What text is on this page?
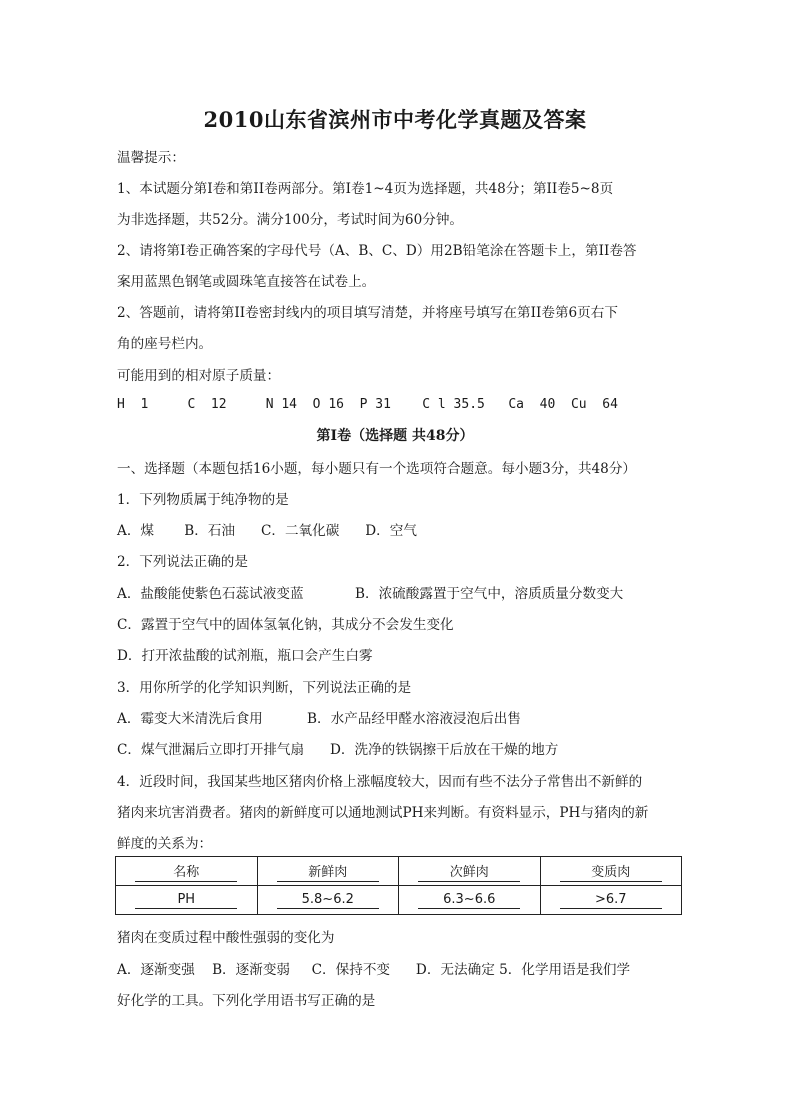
2010山东省滨州市中考化学真题及答案
温馨提示：
1、本试题分第I卷和第II卷两部分。第I卷1~4页为选择题，共48分；第II卷5~8页
为非选择题，共52分。满分100分，考试时间为60分钟。
2、请将第I卷正确答案的字母代号（A、B、C、D）用2B铅笔涂在答题卡上，第II卷答
案用蓝黑色钢笔或圆珠笔直接答在试卷上。
2、答题前，请将第II卷密封线内的项目填写清楚，并将座号填写在第II卷第6页右下
角的座号栏内。
可能用到的相对原子质量：
H  1     C  12     N 14  O 16  P 31    C l 35.5   Ca  40  Cu  64
第I卷（选择题 共48分）
一、选择题（本题包括16小题，每小题只有一个选项符合题意。每小题3分，共48分）
1．下列物质属于纯净物的是
A．煤       B．石油      C．二氧化碳      D．空气
2．下列说法正确的是
A．盐酸能使紫色石蕊试液变蓝	B．浓硫酸露置于空气中，溶质质量分数变大
C．露置于空气中的固体氢氧化钠，其成分不会发生变化
D．打开浓盐酸的试剂瓶，瓶口会产生白雾
3．用你所学的化学知识判断，下列说法正确的是
A．霉变大米清洗后食用	B．水产品经甲醛水溶液浸泡后出售
C．煤气泄漏后立即打开排气扇 D．洗净的铁锅擦干后放在干燥的地方
4．近段时间，我国某些地区猪肉价格上涨幅度较大，因而有些不法分子常售出不新鲜的
猪肉来坑害消费者。猪肉的新鲜度可以通地测试PH来判断。有资料显示，PH与猪肉的新
鲜度的关系为：
名称	新鲜肉	次鲜肉	变质肉
PH	5.8~6.2	6.3~6.6	>6.7
猪肉在变质过程中酸性强弱的变化为
A．逐渐变强    B．逐渐变弱     C．保持不变      D．无法确定 5．化学用语是我们学
好化学的工具。下列化学用语书写正确的是
